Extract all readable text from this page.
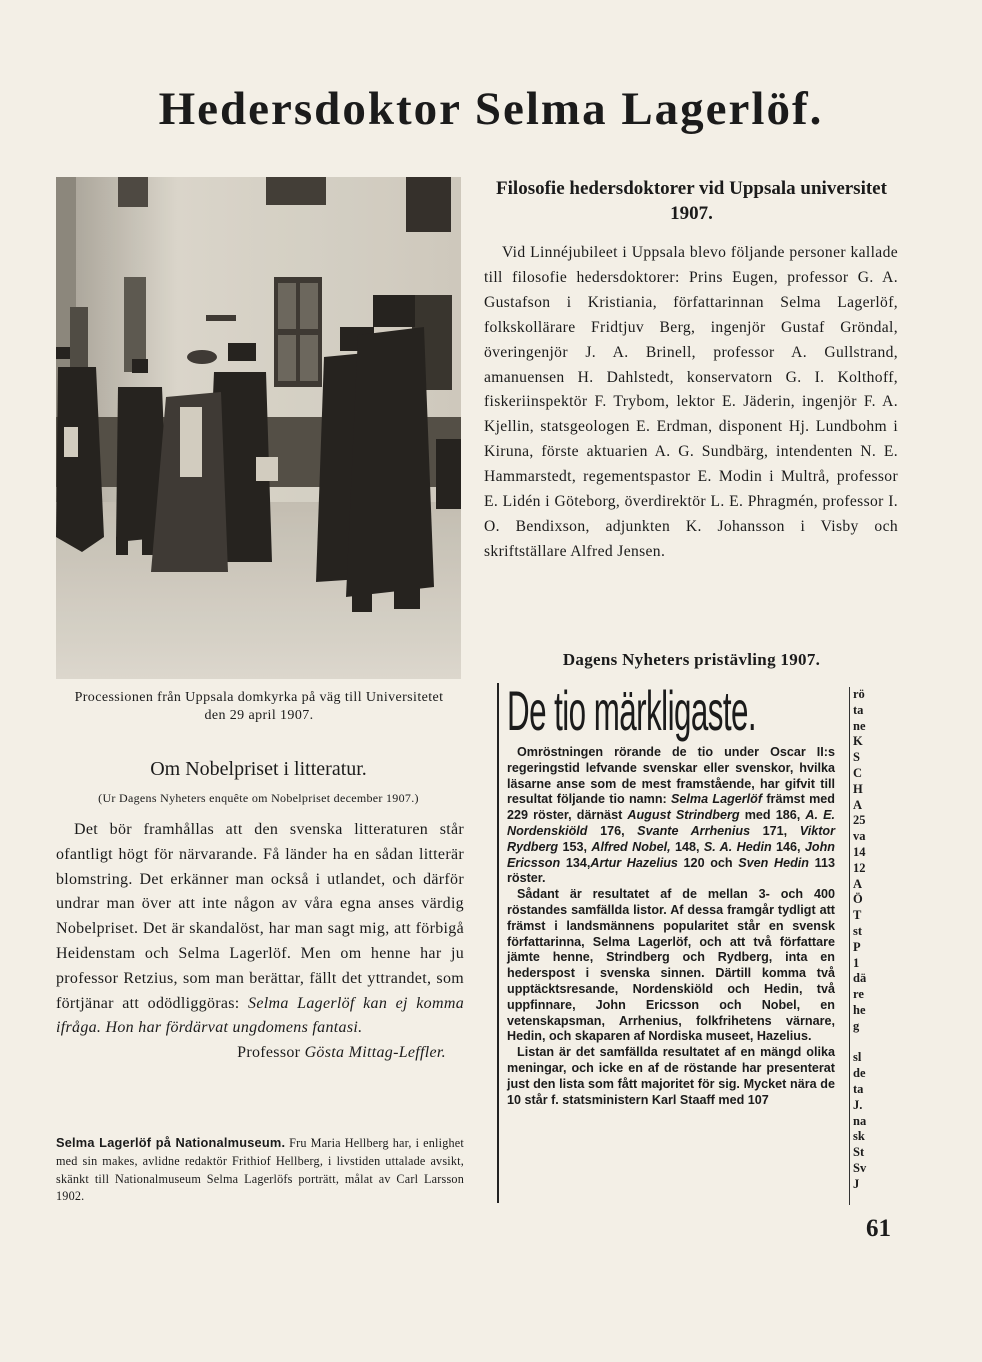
Hedersdoktor Selma Lagerlöf.
Processionen från Uppsala domkyrka på väg till Universitetet den 29 april 1907.
Om Nobelpriset i litteratur.
(Ur Dagens Nyheters enquête om Nobelpriset december 1907.)

Det bör framhållas att den svenska litteraturen står ofantligt högt för närvarande. Få länder ha en sådan litterär blomstring. Det erkänner man också i utlandet, och därför undrar man över att inte någon av våra egna anses värdig Nobelpriset. Det är skandalöst, har man sagt mig, att förbigå Heidenstam och Selma Lagerlöf. Men om henne har ju professor Retzius, som man berättar, fällt det yttrandet, som förtjänar att odödliggöras: Selma Lagerlöf kan ej komma ifråga. Hon har fördärvat ungdomens fantasi.
Professor Gösta Mittag-Leffler.

Selma Lagerlöf på Nationalmuseum. Fru Maria Hellberg har, i enlighet med sin makes, avlidne redaktör Frithiof Hellberg, i livstiden uttalade avsikt, skänkt till Nationalmuseum Selma Lagerlöfs porträtt, målat av Carl Larsson 1902.
Filosofie hedersdoktorer vid Uppsala universitet 1907.

Vid Linnéjubileet i Uppsala blevo följande personer kallade till filosofie hedersdoktorer: Prins Eugen, professor G. A. Gustafson i Kristiania, författarinnan Selma Lagerlöf, folkskollärare Fridtjuv Berg, ingenjör Gustaf Gröndal, överingenjör J. A. Brinell, professor A. Gullstrand, amanuensen H. Dahlstedt, konservatorn G. I. Kolthoff, fiskeriinspektör F. Trybom, lektor E. Jäderin, ingenjör F. A. Kjellin, statsgeologen E. Erdman, disponent Hj. Lundbohm i Kiruna, förste aktuarien A. G. Sundbärg, intendenten N. E. Hammarstedt, regementspastor E. Modin i Multrå, professor E. Lidén i Göteborg, överdirektör L. E. Phragmén, professor I. O. Bendixson, adjunkten K. Johansson i Visby och skriftställare Alfred Jensen.

Dagens Nyheters pristävling 1907.
De tio märkligaste.

Omröstningen rörande de tio under Oscar II:s regeringstid lefvande svenskar eller svenskor, hvilka läsarne anse som de mest framstående, har gifvit till resultat följande tio namn: Selma Lagerlöf främst med 229 röster, därnäst August Strindberg med 186, A. E. Nordenskiöld 176, Svante Arrhenius 171, Viktor Rydberg 153, Alfred Nobel, 148, S. A. Hedin 146, John Ericsson 134,Artur Hazelius 120 och Sven Hedin 113 röster.

Sådant är resultatet af de mellan 3- och 400 röstandes samfällda listor. Af dessa framgår tydligt att främst i landsmännens popularitet står en svensk författarinna, Selma Lagerlöf, och att två författare jämte henne, Strindberg och Rydberg, inta en hederspost i svenska sinnen. Därtill komma två upptäcktsresande, Nordenskiöld och Hedin, två uppfinnare, John Ericsson och Nobel, en vetenskapsman, Arrhenius, folkfrihetens värnare, Hedin, och skaparen af Nordiska museet, Hazelius.

Listan är det samfällda resultatet af en mängd olika meningar, och icke en af de röstande har presenterat just den lista som fått majoritet för sig. Mycket nära de 10 står f. statsministern Karl Staaff med 107

rö
ta
ne
K
S
C
H
A
25
va
14
12
A
Ö
T
st
P
1
dä
re
he
g

sl
de
ta
J.
na
sk
St
Sv
J
61
